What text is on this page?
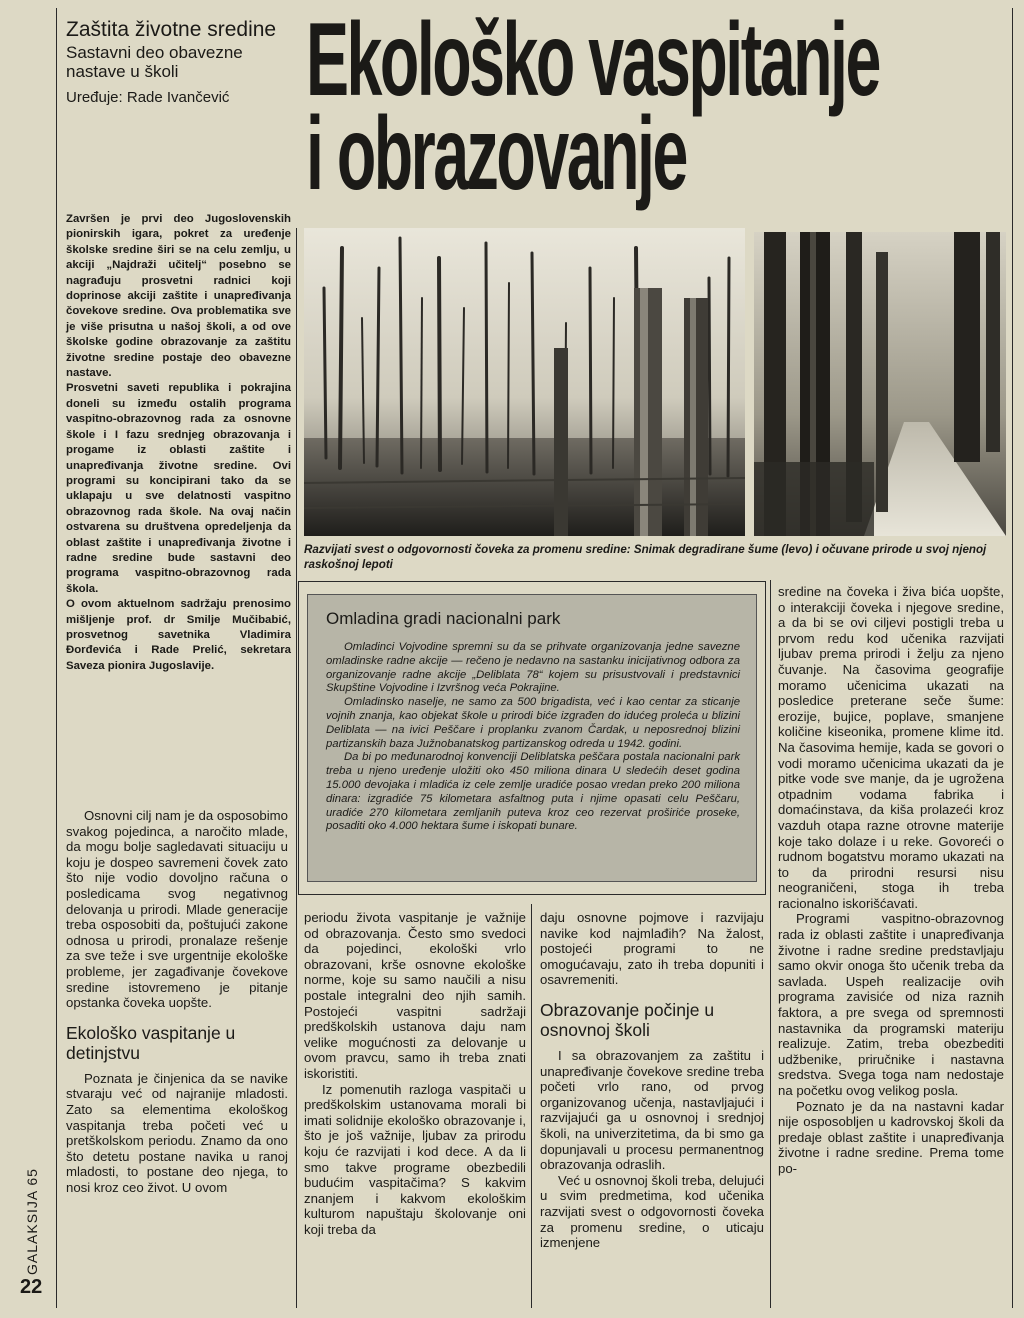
GALAKSIJA 65
22
Zaštita životne sredine
Sastavni deo obavezne nastave u školi
Uređuje: Rade Ivančević Ekološko vaspitanje
i obrazovanje

Završen je prvi deo Jugoslovenskih pionirskih igara, pokret za uređenje školske sredine širi se na celu zemlju, u akciji „Najdraži učitelj“ posebno se nagrađuju prosvetni radnici koji doprinose akciji zaštite i unapređivanja čovekove sredine. Ova problematika sve je više prisutna u našoj školi, a od ove školske godine obrazovanje za zaštitu životne sredine postaje deo obavezne nastave.

Prosvetni saveti republika i pokrajina doneli su između ostalih programa vaspitno-obrazovnog rada za osnovne škole i I fazu srednjeg obrazovanja i progame iz oblasti zaštite i unapređivanja životne sredine. Ovi programi su koncipirani tako da se uklapaju u sve delatnosti vaspitno obrazovnog rada škole. Na ovaj način ostvarena su društvena opredeljenja da oblast zaštite i unapređivanja životne i radne sredine bude sastavni deo programa vaspitno-obrazovnog rada škola.

O ovom aktuelnom sadržaju prenosimo mišljenje prof. dr Smilje Mučibabić, prosvetnog savetnika Vladimira Đorđevića i Rade Prelić, sekretara Saveza pionira Jugoslavije.

Razvijati svest o odgovornosti čoveka za promenu sredine: Snimak degradirane šume (levo) i očuvane prirode u svoj njenoj raskošnoj lepoti
Omladina gradi nacionalni park

Omladinci Vojvodine spremni su da se prihvate organizovanja jedne savezne omladinske radne akcije — rečeno je nedavno na sastanku inicijativnog odbora za organizovanje radne akcije „Deliblata 78“ kojem su prisustvovali i predstavnici Skupštine Vojvodine i Izvršnog veća Pokrajine.

Omladinsko naselje, ne samo za 500 brigadista, već i kao centar za sticanje vojnih znanja, kao objekat škole u prirodi biće izgrađen do idućeg proleća u blizini Deliblata — na ivici Peščare i proplanku zvanom Čardak, u neposrednoj blizini partizanskih baza Južnobanatskog partizanskog odreda u 1942. godini.

Da bi po međunarodnoj konvenciji Deliblatska peščara postala nacionalni park treba u njeno uređenje uložiti oko 450 miliona dinara U sledećih deset godina 15.000 devojaka i mladića iz cele zemlje uradiće posao vredan preko 200 miliona dinara: izgradiće 75 kilometara asfaltnog puta i njime opasati celu Peščaru, uradiće 270 kilometara zemljanih puteva kroz ceo rezervat proširiće proseke, posaditi oko 4.000 hektara šume i iskopati bunare.

Osnovni cilj nam je da osposobimo svakog pojedinca, a naročito mlade, da mogu bolje sagledavati situaciju u koju je dospeo savremeni čovek zato što nije vodio dovoljno računa o posledicama svog negativnog delovanja u prirodi. Mlade generacije treba osposobiti da, poštujući zakone odnosa u prirodi, pronalaze rešenje za sve teže i sve urgentnije ekološke probleme, jer zagađivanje čovekove sredine istovremeno je pitanje opstanka čoveka uopšte.

Ekološko vaspitanje u detinjstvu

Poznata je činjenica da se navike stvaraju već od najranije mladosti. Zato sa elementima ekološkog vaspitanja treba početi već u pretškolskom periodu. Znamo da ono što detetu postane navika u ranoj mladosti, to postane deo njega, to nosi kroz ceo život. U ovom

periodu života vaspitanje je važnije od obrazovanja. Često smo svedoci da pojedinci, ekološki vrlo obrazovani, krše osnovne ekološke norme, koje su samo naučili a nisu postale integralni deo njih samih. Postojeći vaspitni sadržaji predškolskih ustanova daju nam velike mogućnosti za delovanje u ovom pravcu, samo ih treba znati iskoristiti.

Iz pomenutih razloga vaspitači u predškolskim ustanovama morali bi imati solidnije ekološko obrazovanje i, što je još važnije, ljubav za prirodu koju će razvijati i kod dece. A da li smo takve programe obezbedili budućim vaspitačima? S kakvim znanjem i kakvom ekološkim kulturom napuštaju školovanje oni koji treba da

daju osnovne pojmove i razvijaju navike kod najmlađih? Na žalost, postojeći programi to ne omogućavaju, zato ih treba dopuniti i osavremeniti.

Obrazovanje počinje u osnovnoj školi

I sa obrazovanjem za zaštitu i unapređivanje čovekove sredine treba početi vrlo rano, od prvog organizovanog učenja, nastavljajući i razvijajući ga u osnovnoj i srednjoj školi, na univerzitetima, da bi smo ga dopunjavali u procesu permanentnog obrazovanja odraslih.

Već u osnovnoj školi treba, delujući u svim predmetima, kod učenika razvijati svest o odgovornosti čoveka za promenu sredine, o uticaju izmenjene

sredine na čoveka i živa bića uopšte, o interakciji čoveka i njegove sredine, a da bi se ovi ciljevi postigli treba u prvom redu kod učenika razvijati ljubav prema prirodi i želju za njeno čuvanje. Na časovima geografije moramo učenicima ukazati na posledice preterane seče šume: erozije, bujice, poplave, smanjene količine kiseonika, promene klime itd. Na časovima hemije, kada se govori o vodi moramo učenicima ukazati da je pitke vode sve manje, da je ugrožena otpadnim vodama fabrika i domaćinstava, da kiša prolazeći kroz vazduh otapa razne otrovne materije koje tako dolaze i u reke. Govoreći o rudnom bogatstvu moramo ukazati na to da prirodni resursi nisu neograničeni, stoga ih treba racionalno iskorišćavati.

Programi vaspitno-obrazovnog rada iz oblasti zaštite i unapređivanja životne i radne sredine predstavljaju samo okvir onoga što učenik treba da savlada. Uspeh realizacije ovih programa zavisiće od niza raznih faktora, a pre svega od spremnosti nastavnika da programski materiju realizuje. Zatim, treba obezbediti udžbenike, priručnike i nastavna sredstva. Svega toga nam nedostaje na početku ovog velikog posla.

Poznato je da na nastavni kadar nije osposobljen u kadrovskoj školi da predaje oblast zaštite i unapređivanja životne i radne sredine. Prema tome po-
